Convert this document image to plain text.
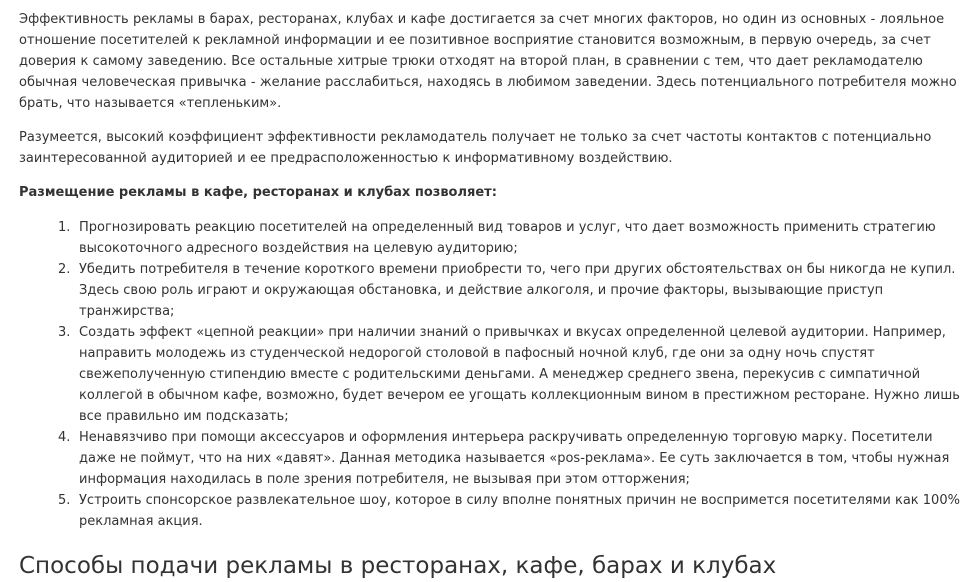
Эффективность рекламы в барах, ресторанах, клубах и кафе достигается за счет многих факторов, но один из основных - лояльное отношение посетителей к рекламной информации и ее позитивное восприятие становится возможным, в первую очередь, за счет доверия к самому заведению. Все остальные хитрые трюки отходят на второй план, в сравнении с тем, что дает рекламодателю обычная человеческая привычка - желание расслабиться, находясь в любимом заведении. Здесь потенциального потребителя можно брать, что называется «тепленьким».

Разумеется, высокий коэффициент эффективности рекламодатель получает не только за счет частоты контактов с потенциально заинтересованной аудиторией и ее предрасположенностью к информативному воздействию.

Размещение рекламы в кафе, ресторанах и клубах позволяет:

1. Прогнозировать реакцию посетителей на определенный вид товаров и услуг, что дает возможность применить стратегию высокоточного адресного воздействия на целевую аудиторию;
2. Убедить потребителя в течение короткого времени приобрести то, чего при других обстоятельствах он бы никогда не купил. Здесь свою роль играют и окружающая обстановка, и действие алкоголя, и прочие факторы, вызывающие приступ транжирства;
3. Создать эффект «цепной реакции» при наличии знаний о привычках и вкусах определенной целевой аудитории. Например, направить молодежь из студенческой недорогой столовой в пафосный ночной клуб, где они за одну ночь спустят свежеполученную стипендию вместе с родительскими деньгами. А менеджер среднего звена, перекусив с симпатичной коллегой в обычном кафе, возможно, будет вечером ее угощать коллекционным вином в престижном ресторане. Нужно лишь все правильно им подсказать;
4. Ненавязчиво при помощи аксессуаров и оформления интерьера раскручивать определенную торговую марку. Посетители даже не поймут, что на них «давят». Данная методика называется «pos-реклама». Ее суть заключается в том, чтобы нужная информация находилась в поле зрения потребителя, не вызывая при этом отторжения;
5. Устроить спонсорское развлекательное шоу, которое в силу вполне понятных причин не воспримется посетителями как 100% рекламная акция.
Способы подачи рекламы в ресторанах, кафе, барах и клубах
